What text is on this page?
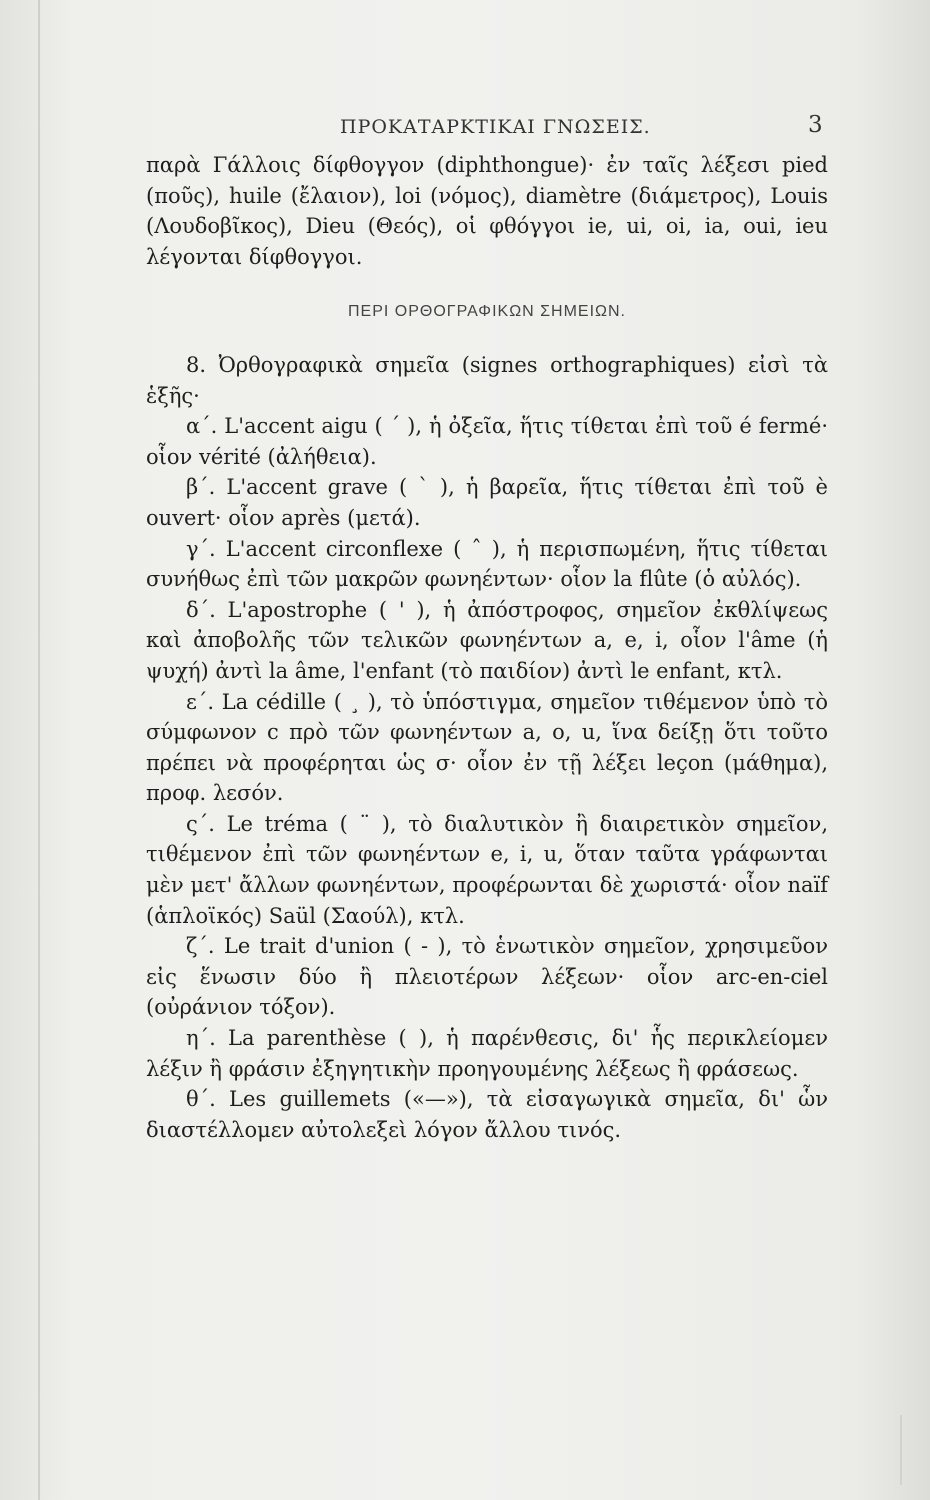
ΠΡΟΚΑΤΑΡΚΤΙΚΑΙ ΓΝΩΣΕΙΣ.	3

παρὰ Γάλλοις δίφθογγον (diphthongue)· ἐν ταῖς λέξεσι pied (ποῦς), huile (ἔλαιον), loi (νόμος), diamètre (διάμετρος), Louis (Λουδοβῖκος), Dieu (Θεός), οἱ φθόγγοι ie, ui, oi, ia, oui, ieu λέγονται δίφθογγοι.

ΠΕΡΙ ΟΡΘΟΓΡΑΦΙΚΩΝ ΣΗΜΕΙΩΝ.

8. Ὀρθογραφικὰ σημεῖα (signes orthographiques) εἰσὶ τὰ ἑξῆς·

α΄. L'accent aigu ( ´ ), ἡ ὀξεῖα, ἥτις τίθεται ἐπὶ τοῦ é fermé· οἷον vérité (ἀλήθεια).

β΄. L'accent grave ( ` ), ἡ βαρεῖα, ἥτις τίθεται ἐπὶ τοῦ è ouvert· οἷον après (μετά).

γ΄. L'accent circonflexe ( ˆ ), ἡ περισπωμένη, ἥτις τίθεται συνήθως ἐπὶ τῶν μακρῶν φωνηέντων· οἷον la flûte (ὁ αὐλός).

δ΄. L'apostrophe ( ' ), ἡ ἀπόστροφος, σημεῖον ἐκθλίψεως καὶ ἀποβολῆς τῶν τελικῶν φωνηέντων a, e, i, οἷον l'âme (ἡ ψυχή) ἀντὶ la âme, l'enfant (τὸ παιδίον) ἀντὶ le enfant, κτλ.

ε΄. La cédille ( ¸ ), τὸ ὑπόστιγμα, σημεῖον τιθέμενον ὑπὸ τὸ σύμφωνον c πρὸ τῶν φωνηέντων a, o, u, ἵνα δείξῃ ὅτι τοῦτο πρέπει νὰ προφέρηται ὡς σ· οἷον ἐν τῇ λέξει leçon (μάθημα), προφ. λεσόν.

ς΄. Le tréma ( ¨ ), τὸ διαλυτικὸν ἢ διαιρετικὸν σημεῖον, τιθέμενον ἐπὶ τῶν φωνηέντων e, i, u, ὅταν ταῦτα γράφωνται μὲν μετ' ἄλλων φωνηέντων, προφέρωνται δὲ χωριστά· οἷον naïf (ἁπλοϊκός) Saül (Σαούλ), κτλ.

ζ΄. Le trait d'union ( - ), τὸ ἑνωτικὸν σημεῖον, χρησιμεῦον εἰς ἕνωσιν δύο ἢ πλειοτέρων λέξεων· οἷον arc-en-ciel (οὐράνιον τόξον).

η΄. La parenthèse ( ), ἡ παρένθεσις, δι' ἧς περικλείομεν λέξιν ἢ φράσιν ἐξηγητικὴν προηγουμένης λέξεως ἢ φράσεως.

θ΄. Les guillemets («—»), τὰ εἰσαγωγικὰ σημεῖα, δι' ὧν διαστέλλομεν αὐτολεξεὶ λόγον ἄλλου τινός.
